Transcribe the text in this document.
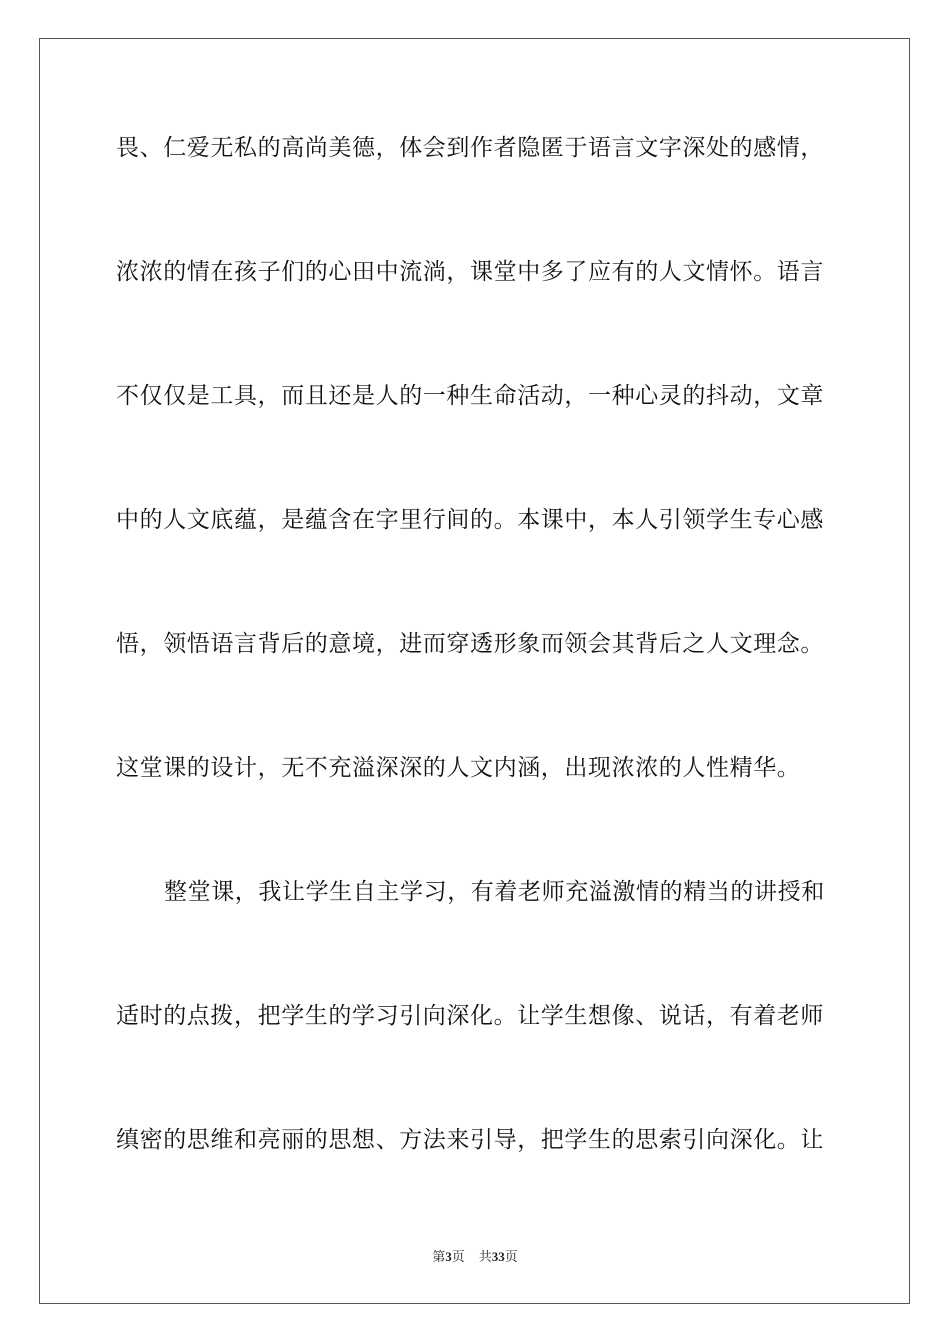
畏、仁爱无私的高尚美德，体会到作者隐匿于语言文字深处的感情，
浓浓的情在孩子们的心田中流淌，课堂中多了应有的人文情怀。语言
不仅仅是工具，而且还是人的一种生命活动，一种心灵的抖动，文章
中的人文底蕴，是蕴含在字里行间的。本课中，本人引领学生专心感
悟，领悟语言背后的意境，进而穿透形象而领会其背后之人文理念。
这堂课的设计，无不充溢深深的人文内涵，出现浓浓的人性精华。
整堂课，我让学生自主学习，有着老师充溢激情的精当的讲授和
适时的点拨，把学生的学习引向深化。让学生想像、说话，有着老师
缜密的思维和亮丽的思想、方法来引导，把学生的思索引向深化。让
第3页 共33页
